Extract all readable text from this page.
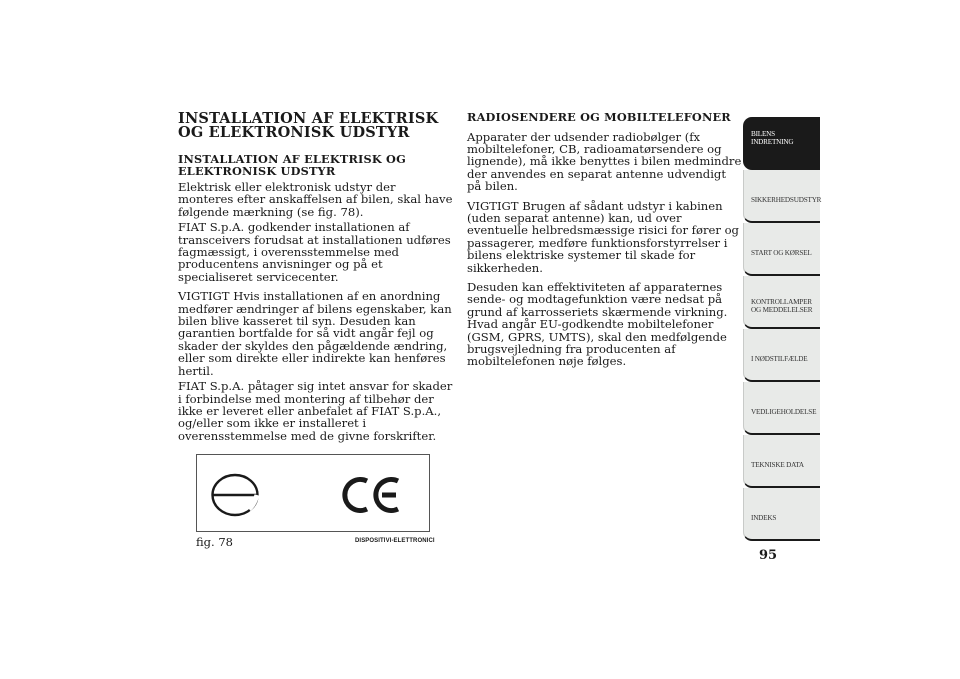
INSTALLATION AF ELEKTRISK OG ELEKTRONISK UDSTYR
INSTALLATION AF ELEKTRISK OG ELEKTRONISK UDSTYR
Elektrisk eller elektronisk udstyr der monteres efter anskaffelsen af bilen, skal have følgende mærkning (se fig. 78).
FIAT S.p.A. godkender installationen af transceivers forudsat at installationen udføres fagmæssigt, i overensstemmelse med producentens anvisninger og på et specialiseret servicecenter.
VIGTIGT Hvis installationen af en anordning medfører ændringer af bilens egenskaber, kan bilen blive kasseret til syn. Desuden kan garantien bortfalde for så vidt angår fejl og skader der skyldes den pågældende ændring, eller som direkte eller indirekte kan henføres hertil.
FIAT S.p.A. påtager sig intet ansvar for skader i forbindelse med montering af tilbehør der ikke er leveret eller anbefalet af FIAT S.p.A., og/eller som ikke er installeret i overensstemmelse med de givne forskrifter.
fig. 78	DISPOSITIVI-ELETTRONICI
RADIOSENDERE OG MOBILTELEFONER
Apparater der udsender radiobølger (fx mobiltelefoner, CB, radioamatørsendere og lignende), må ikke benyttes i bilen medmindre der anvendes en separat antenne udvendigt på bilen.
VIGTIGT Brugen af sådant udstyr i kabinen (uden separat antenne) kan, ud over eventuelle helbredsmæssige risici for fører og passagerer, medføre funktionsforstyrrelser i bilens elektriske systemer til skade for sikkerheden.
Desuden kan effektiviteten af apparaternes sende- og modtagefunktion være nedsat på grund af karrosseriets skærmende virkning. Hvad angår EU-godkendte mobiltelefoner (GSM, GPRS, UMTS), skal den medfølgende brugsvejledning fra producenten af mobiltelefonen nøje følges.
BILENS INDRETNING
SIKKERHEDSUDSTYR
START OG KØRSEL
KONTROLLAMPER OG MEDDELELSER
I NØDSTILFÆLDE
VEDLIGEHOLDELSE
TEKNISKE DATA
INDEKS
95
